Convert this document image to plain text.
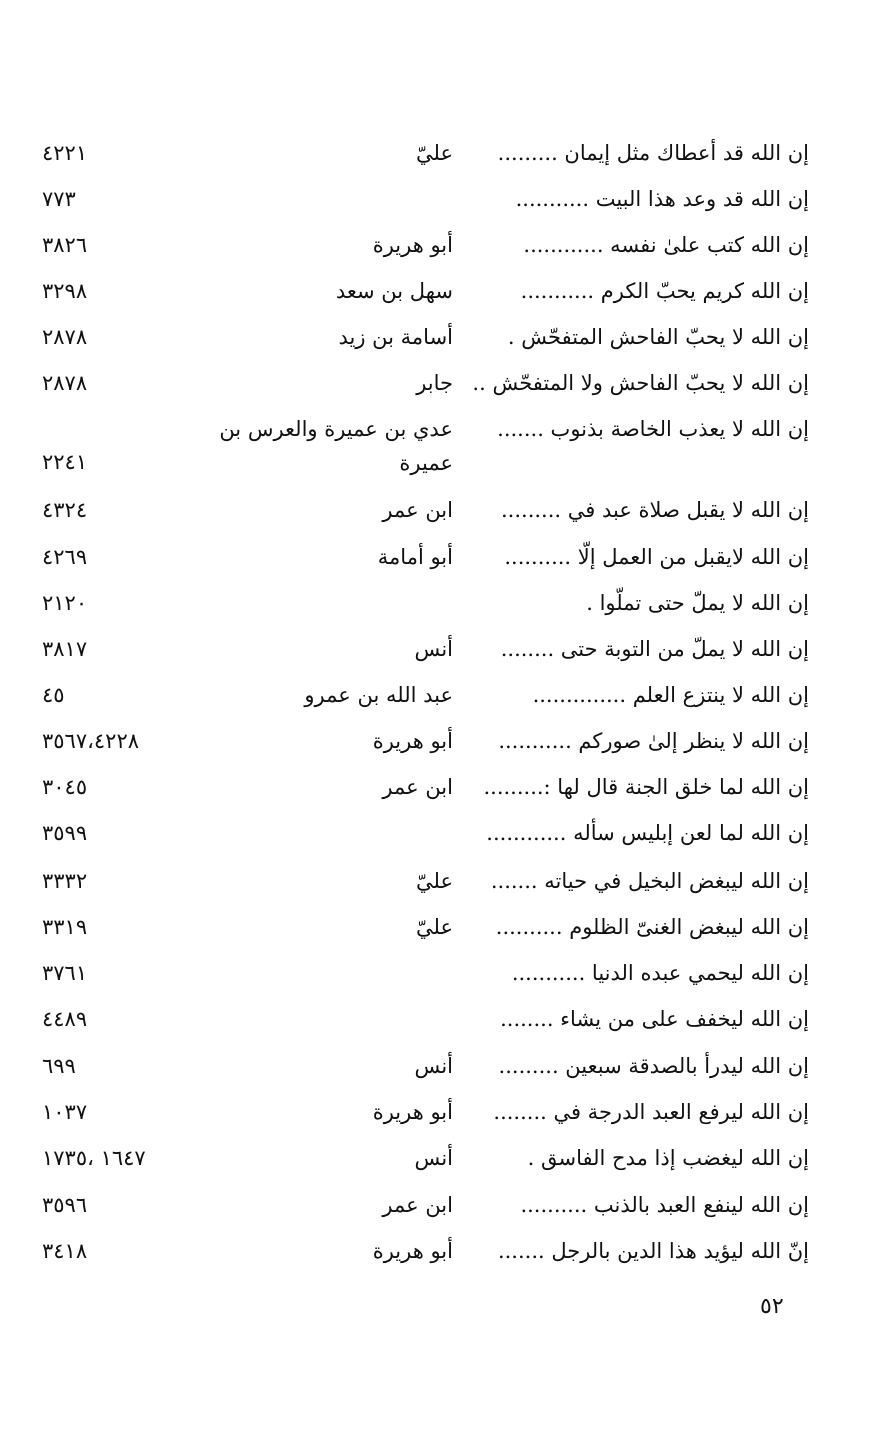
إن الله قد أعطاك مثل إيمان .........
عليّ
٤٢٢١
إن الله قد وعد هذا البيت ...........
٧٧٣
إن الله كتب علىٰ نفسه ............
أبو هريرة
٣٨٢٦
إن الله كريم يحبّ الكرم ...........
سهل بن سعد
٣٢٩٨
إن الله لا يحبّ الفاحش المتفحّش .
أسامة بن زيد
٢٨٧٨
إن الله لا يحبّ الفاحش ولا المتفحّش ..
جابر
٢٨٧٨
إن الله لا يعذب الخاصة بذنوب .......
عدي بن عميرة والعرس بن عميرة
٢٢٤١
إن الله لا يقبل صلاة عبد في .........
ابن عمر
٤٣٢٤
إن الله لايقبل من العمل إلّا ..........
أبو أمامة
٤٢٦٩
إن الله لا يملّ حتى تملّوا .
٢١٢٠
إن الله لا يملّ من التوبة حتى ........
أنس
٣٨١٧
إن الله لا ينتزع العلم ..............
عبد الله بن عمرو
٤٥
إن الله لا ينظر إلىٰ صوركم ...........
أبو هريرة
٣٥٦٧،٤٢٢٨
إن الله لما خلق الجنة قال لها :.........
ابن عمر
٣٠٤٥
إن الله لما لعن إبليس سأله ............
٣٥٩٩
إن الله ليبغض البخيل في حياته .......
عليّ
٣٣٣٢
إن الله ليبغض الغنىّ الظلوم ..........
عليّ
٣٣١٩
إن الله ليحمي عبده الدنيا ...........
٣٧٦١
إن الله ليخفف على من يشاء ........
٤٤٨٩
إن الله ليدرأ بالصدقة سبعين .........
أنس
٦٩٩
إن الله ليرفع العبد الدرجة في ........
أبو هريرة
١٠٣٧
إن الله ليغضب إذا مدح الفاسق .
أنس
١٦٤٧ ،١٧٣٥
إن الله لينفع العبد بالذنب ..........
ابن عمر
٣٥٩٦
إنّ الله ليؤيد هذا الدين بالرجل .......
أبو هريرة
٣٤١٨
٥٢
